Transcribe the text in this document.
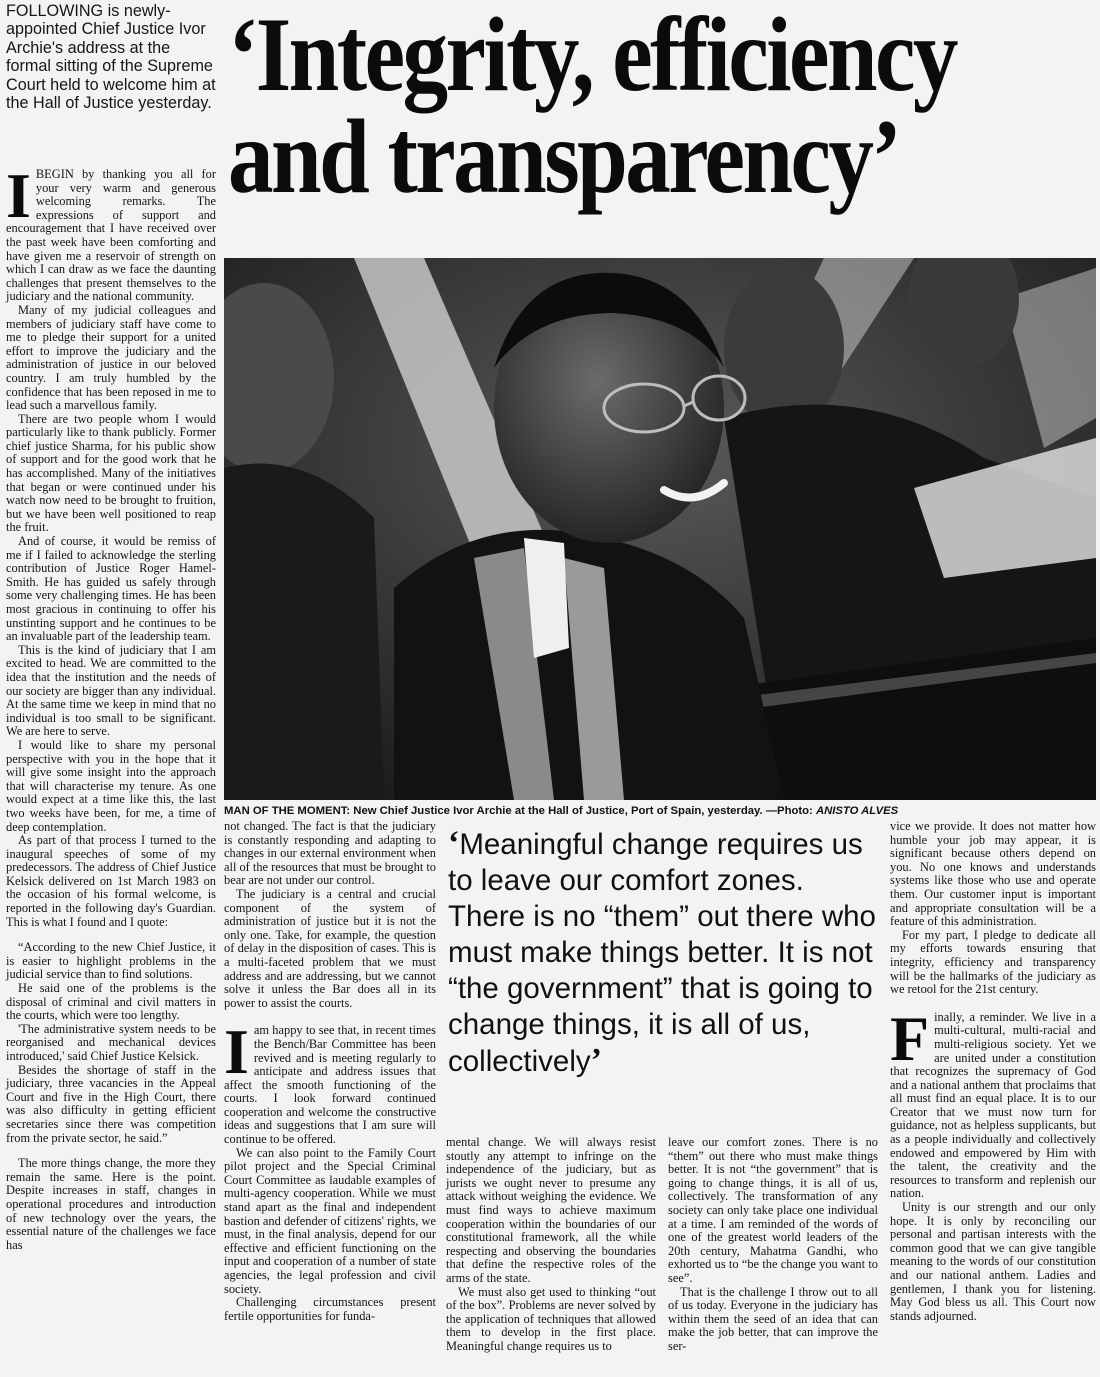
FOLLOWING is newly-appointed Chief Justice Ivor Archie's address at the formal sitting of the Supreme Court held to welcome him at the Hall of Justice yesterday. ‘Integrity, efficiency
and transparency’
I BEGIN by thanking you all for your very warm and generous welcoming remarks. The expressions of support and encouragement that I have received over the past week have been comforting and have given me a reservoir of strength on which I can draw as we face the daunting challenges that present themselves to the judiciary and the national community.

Many of my judicial colleagues and members of judiciary staff have come to me to pledge their support for a united effort to improve the judiciary and the administration of justice in our beloved country. I am truly humbled by the confidence that has been reposed in me to lead such a marvellous family.

There are two people whom I would particularly like to thank publicly. Former chief justice Sharma, for his public show of support and for the good work that he has accomplished. Many of the initiatives that began or were continued under his watch now need to be brought to fruition, but we have been well positioned to reap the fruit.

And of course, it would be remiss of me if I failed to acknowledge the sterling contribution of Justice Roger Hamel-Smith. He has guided us safely through some very challenging times. He has been most gracious in continuing to offer his unstinting support and he continues to be an invaluable part of the leadership team.

This is the kind of judiciary that I am excited to head. We are committed to the idea that the institution and the needs of our society are bigger than any individual. At the same time we keep in mind that no individual is too small to be significant. We are here to serve.

I would like to share my personal perspective with you in the hope that it will give some insight into the approach that will characterise my tenure. As one would expect at a time like this, the last two weeks have been, for me, a time of deep contemplation.

As part of that process I turned to the inaugural speeches of some of my predecessors. The address of Chief Justice Kelsick delivered on 1st March 1983 on the occasion of his formal welcome, is reported in the following day's Guardian. This is what I found and I quote:

“According to the new Chief Justice, it is easier to highlight problems in the judicial service than to find solutions.

He said one of the problems is the disposal of criminal and civil matters in the courts, which were too lengthy.

'The administrative system needs to be reorganised and mechanical devices introduced,' said Chief Justice Kelsick.

Besides the shortage of staff in the judiciary, three vacancies in the Appeal Court and five in the High Court, there was also difficulty in getting efficient secretaries since there was competition from the private sector, he said.”

The more things change, the more they remain the same. Here is the point. Despite increases in staff, changes in operational procedures and introduction of new technology over the years, the essential nature of the challenges we face has

MAN OF THE MOMENT: New Chief Justice Ivor Archie at the Hall of Justice, Port of Spain, yesterday. —Photo: ANISTO ALVES

not changed. The fact is that the judiciary is constantly responding and adapting to changes in our external environment when all of the resources that must be brought to bear are not under our control.

The judiciary is a central and crucial component of the system of administration of justice but it is not the only one. Take, for example, the question of delay in the disposition of cases. This is a multi-faceted problem that we must address and are addressing, but we cannot solve it unless the Bar does all in its power to assist the courts.

I am happy to see that, in recent times the Bench/Bar Committee has been revived and is meeting regularly to anticipate and address issues that affect the smooth functioning of the courts. I look forward continued cooperation and welcome the constructive ideas and suggestions that I am sure will continue to be offered.

We can also point to the Family Court pilot project and the Special Criminal Court Committee as laudable examples of multi-agency cooperation. While we must stand apart as the final and independent bastion and defender of citizens' rights, we must, in the final analysis, depend for our effective and efficient functioning on the input and cooperation of a number of state agencies, the legal profession and civil society.

Challenging circumstances present fertile opportunities for funda-

‘Meaningful change requires us to leave our comfort zones. There is no “them” out there who must make things better. It is not “the government” that is going to change things, it is all of us, collectively’

mental change. We will always resist stoutly any attempt to infringe on the independence of the judiciary, but as jurists we ought never to presume any attack without weighing the evidence. We must find ways to achieve maximum cooperation within the boundaries of our constitutional framework, all the while respecting and observing the boundaries that define the respective roles of the arms of the state.

We must also get used to thinking “out of the box”. Problems are never solved by the application of techniques that allowed them to develop in the first place. Meaningful change requires us to

leave our comfort zones. There is no “them” out there who must make things better. It is not “the government” that is going to change things, it is all of us, collectively. The transformation of any society can only take place one individual at a time. I am reminded of the words of one of the greatest world leaders of the 20th century, Mahatma Gandhi, who exhorted us to “be the change you want to see”.

That is the challenge I throw out to all of us today. Everyone in the judiciary has within them the seed of an idea that can make the job better, that can improve the ser-

vice we provide. It does not matter how humble your job may appear, it is significant because others depend on you. No one knows and understands systems like those who use and operate them. Our customer input is important and appropriate consultation will be a feature of this administration.

For my part, I pledge to dedicate all my efforts towards ensuring that integrity, efficiency and transparency will be the hallmarks of the judiciary as we retool for the 21st century.

F inally, a reminder. We live in a multi-cultural, multi-racial and multi-religious society. Yet we are united under a constitution that recognizes the supremacy of God and a national anthem that proclaims that all must find an equal place. It is to our Creator that we must now turn for guidance, not as helpless supplicants, but as a people individually and collectively endowed and empowered by Him with the talent, the creativity and the resources to transform and replenish our nation.

Unity is our strength and our only hope. It is only by reconciling our personal and partisan interests with the common good that we can give tangible meaning to the words of our constitution and our national anthem. Ladies and gentlemen, I thank you for listening. May God bless us all. This Court now stands adjourned.
